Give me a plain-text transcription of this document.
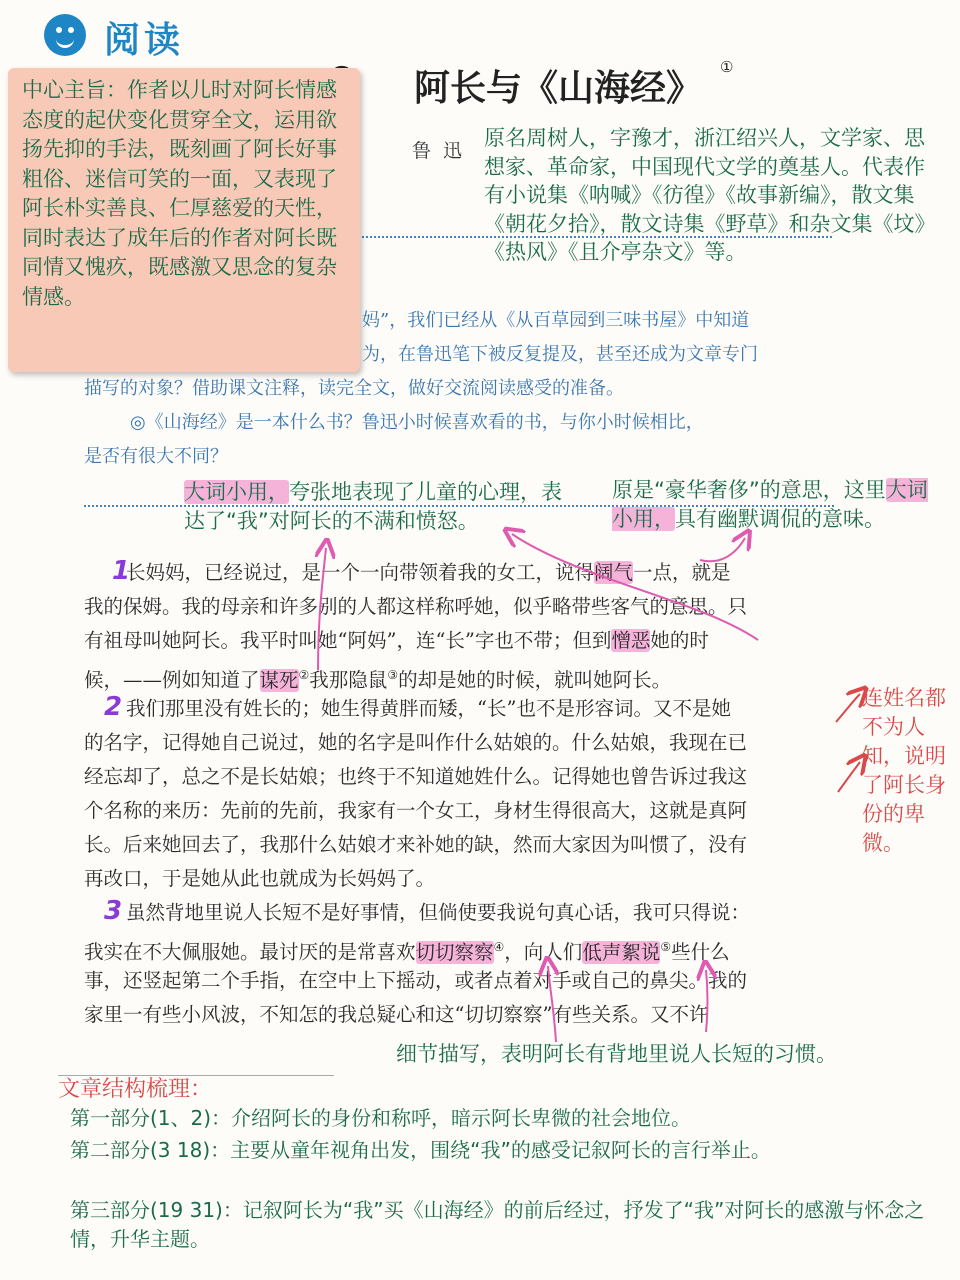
阅读
阿长与《山海经》 ①
鲁迅
原名周树人，字豫才，浙江绍兴人，文学家、思想家、革命家，中国现代文学的奠基人。代表作有小说集《呐喊》《彷徨》《故事新编》，散文集《朝花夕拾》，散文诗集《野草》和杂文集《坟》《热风》《且介亭杂文》等。
妈”，我们已经从《从百草园到三味书屋》中知道
为，在鲁迅笔下被反复提及，甚至还成为文章专门
描写的对象？借助课文注释，读完全文，做好交流阅读感受的准备。
◎《山海经》是一本什么书？鲁迅小时候喜欢看的书，与你小时候相比，
是否有很大不同？
中心主旨：作者以儿时对阿长情感态度的起伏变化贯穿全文，运用欲扬先抑的手法，既刻画了阿长好事粗俗、迷信可笑的一面，又表现了阿长朴实善良、仁厚慈爱的天性，同时表达了成年后的作者对阿长既同情又愧疚，既感激又思念的复杂情感。
大词小用，夸张地表现了儿童的心理，表达了“我”对阿长的不满和愤怒。
原是“豪华奢侈”的意思，这里大词小用，具有幽默调侃的意味。
1
2
3
长妈妈，已经说过，是一个一向带领着我的女工，说得阔气一点，就是
我的保姆。我的母亲和许多别的人都这样称呼她，似乎略带些客气的意思。只
有祖母叫她阿长。我平时叫她“阿妈”，连“长”字也不带；但到憎恶她的时
候，——例如知道了谋死②我那隐鼠③的却是她的时候，就叫她阿长。
我们那里没有姓长的；她生得黄胖而矮，“长”也不是形容词。又不是她
的名字，记得她自己说过，她的名字是叫作什么姑娘的。什么姑娘，我现在已
经忘却了，总之不是长姑娘；也终于不知道她姓什么。记得她也曾告诉过我这
个名称的来历：先前的先前，我家有一个女工，身材生得很高大，这就是真阿
长。后来她回去了，我那什么姑娘才来补她的缺，然而大家因为叫惯了，没有
再改口，于是她从此也就成为长妈妈了。
虽然背地里说人长短不是好事情，但倘使要我说句真心话，我可只得说：
我实在不大佩服她。最讨厌的是常喜欢切切察察④，向人们低声絮说⑤些什么
事，还竖起第二个手指，在空中上下摇动，或者点着对手或自己的鼻尖。我的
家里一有些小风波，不知怎的我总疑心和这“切切察察”有些关系。又不许
连姓名都不为人知，说明了阿长身份的卑微。
细节描写，表明阿长有背地里说人长短的习惯。
文章结构梳理：
第一部分(1、2)：介绍阿长的身份和称呼，暗示阿长卑微的社会地位。
第二部分(3 18)：主要从童年视角出发，围绕“我”的感受记叙阿长的言行举止。
第三部分(19 31)：记叙阿长为“我”买《山海经》的前后经过，抒发了“我”对阿长的感激与怀念之情，升华主题。
